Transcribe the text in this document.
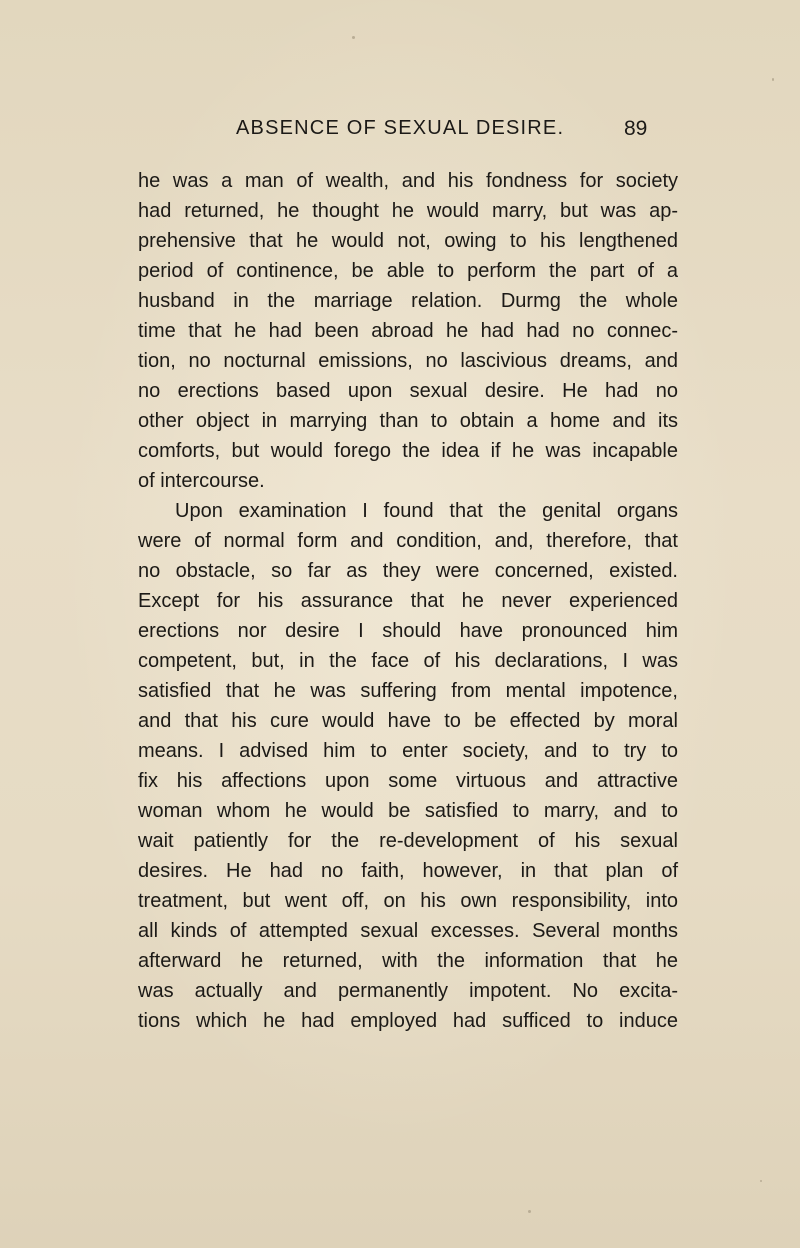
ABSENCE OF SEXUAL DESIRE.	89
he was a man of wealth, and his fondness for society
had returned, he thought he would marry, but was ap-
prehensive that he would not, owing to his lengthened
period of continence, be able to perform the part of a
husband in the marriage relation. Durmg the whole
time that he had been abroad he had had no connec-
tion, no nocturnal emissions, no lascivious dreams, and
no erections based upon sexual desire. He had no
other object in marrying than to obtain a home and its
comforts, but would forego the idea if he was incapable
of intercourse.
Upon examination I found that the genital organs
were of normal form and condition, and, therefore, that
no obstacle, so far as they were concerned, existed.
Except for his assurance that he never experienced
erections nor desire I should have pronounced him
competent, but, in the face of his declarations, I was
satisfied that he was suffering from mental impotence,
and that his cure would have to be effected by moral
means. I advised him to enter society, and to try to
fix his affections upon some virtuous and attractive
woman whom he would be satisfied to marry, and to
wait patiently for the re-development of his sexual
desires. He had no faith, however, in that plan of
treatment, but went off, on his own responsibility, into
all kinds of attempted sexual excesses. Several months
afterward he returned, with the information that he
was actually and permanently impotent. No excita-
tions which he had employed had sufficed to induce
